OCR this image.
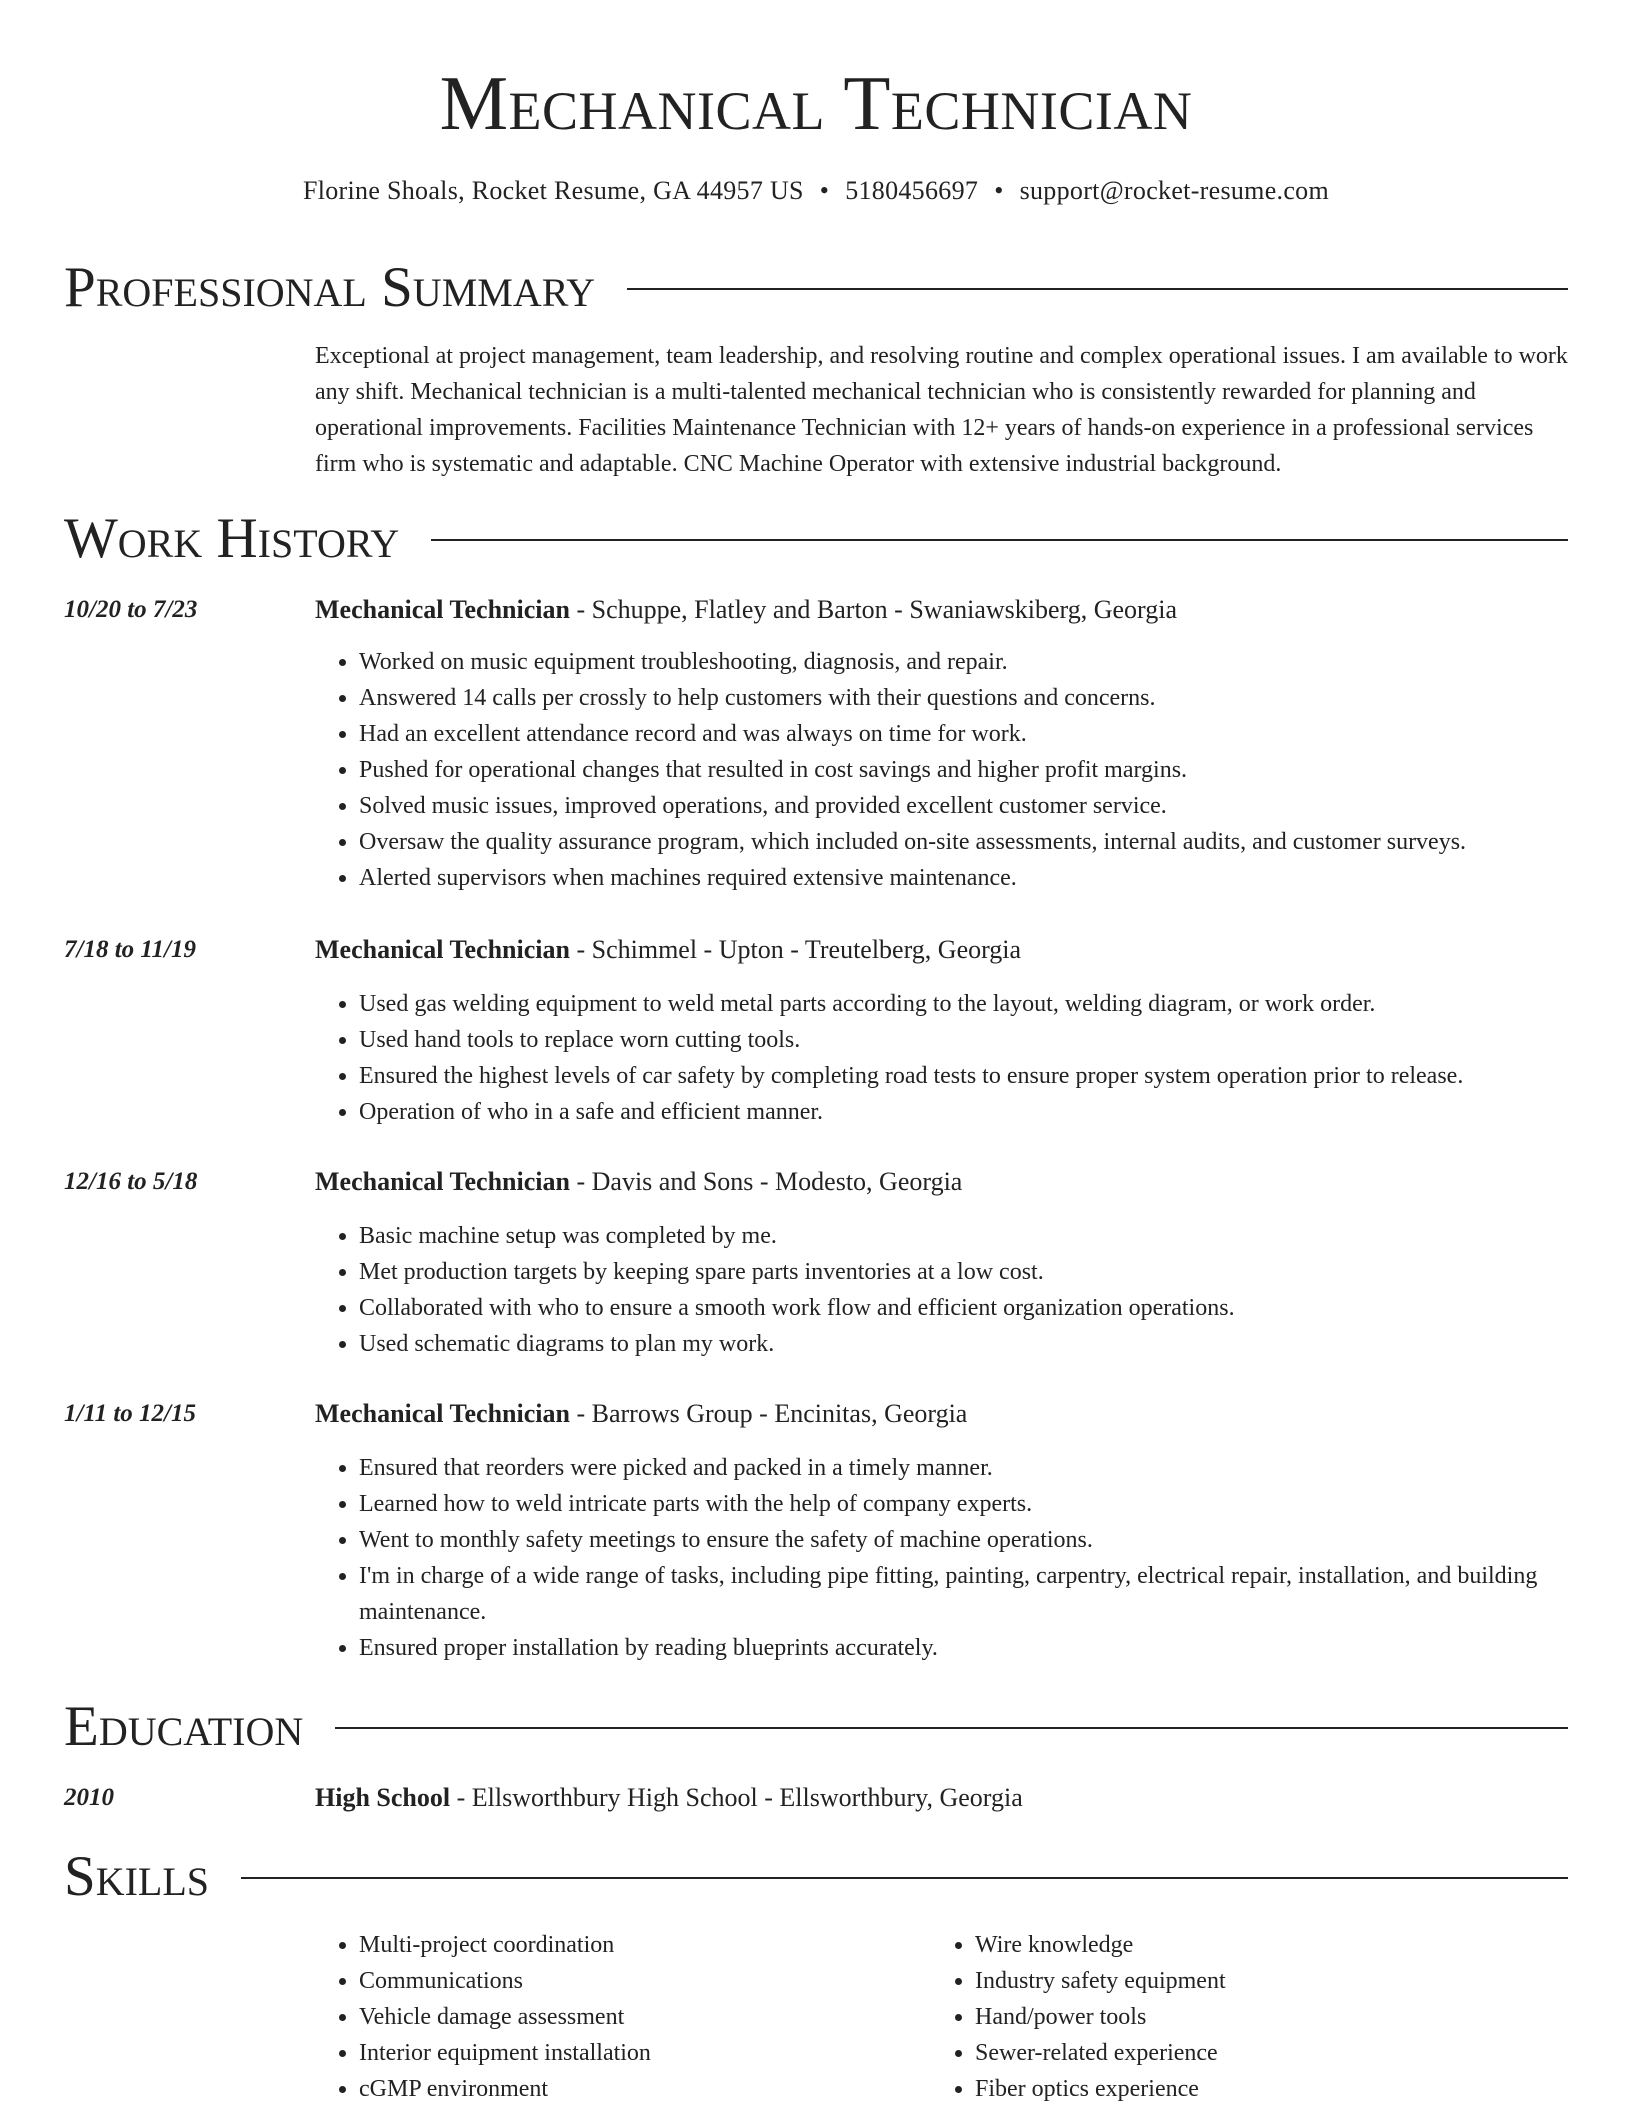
Mechanical Technician
Florine Shoals, Rocket Resume, GA 44957 US • 5180456697 • support@rocket-resume.com
Professional Summary

Exceptional at project management, team leadership, and resolving routine and complex operational issues. I am available to work any shift. Mechanical technician is a multi-talented mechanical technician who is consistently rewarded for planning and operational improvements. Facilities Maintenance Technician with 12+ years of hands-on experience in a professional services firm who is systematic and adaptable. CNC Machine Operator with extensive industrial background.

Work History
10/20 to 7/23	Mechanical Technician - Schuppe, Flatley and Barton - Swaniawskiberg, Georgia
• Worked on music equipment troubleshooting, diagnosis, and repair.
• Answered 14 calls per crossly to help customers with their questions and concerns.
• Had an excellent attendance record and was always on time for work.
• Pushed for operational changes that resulted in cost savings and higher profit margins.
• Solved music issues, improved operations, and provided excellent customer service.
• Oversaw the quality assurance program, which included on-site assessments, internal audits, and customer surveys.
• Alerted supervisors when machines required extensive maintenance.
7/18 to 11/19	Mechanical Technician - Schimmel - Upton - Treutelberg, Georgia
• Used gas welding equipment to weld metal parts according to the layout, welding diagram, or work order.
• Used hand tools to replace worn cutting tools.
• Ensured the highest levels of car safety by completing road tests to ensure proper system operation prior to release.
• Operation of who in a safe and efficient manner.
12/16 to 5/18	Mechanical Technician - Davis and Sons - Modesto, Georgia
• Basic machine setup was completed by me.
• Met production targets by keeping spare parts inventories at a low cost.
• Collaborated with who to ensure a smooth work flow and efficient organization operations.
• Used schematic diagrams to plan my work.
1/11 to 12/15	Mechanical Technician - Barrows Group - Encinitas, Georgia
• Ensured that reorders were picked and packed in a timely manner.
• Learned how to weld intricate parts with the help of company experts.
• Went to monthly safety meetings to ensure the safety of machine operations.
• I'm in charge of a wide range of tasks, including pipe fitting, painting, carpentry, electrical repair, installation, and building maintenance.
• Ensured proper installation by reading blueprints accurately.
Education
2010	High School - Ellsworthbury High School - Ellsworthbury, Georgia
Skills
• Multi-project coordination
• Communications
• Vehicle damage assessment
• Interior equipment installation
• cGMP environment
• Wire knowledge
• Industry safety equipment
• Hand/power tools
• Sewer-related experience
• Fiber optics experience
